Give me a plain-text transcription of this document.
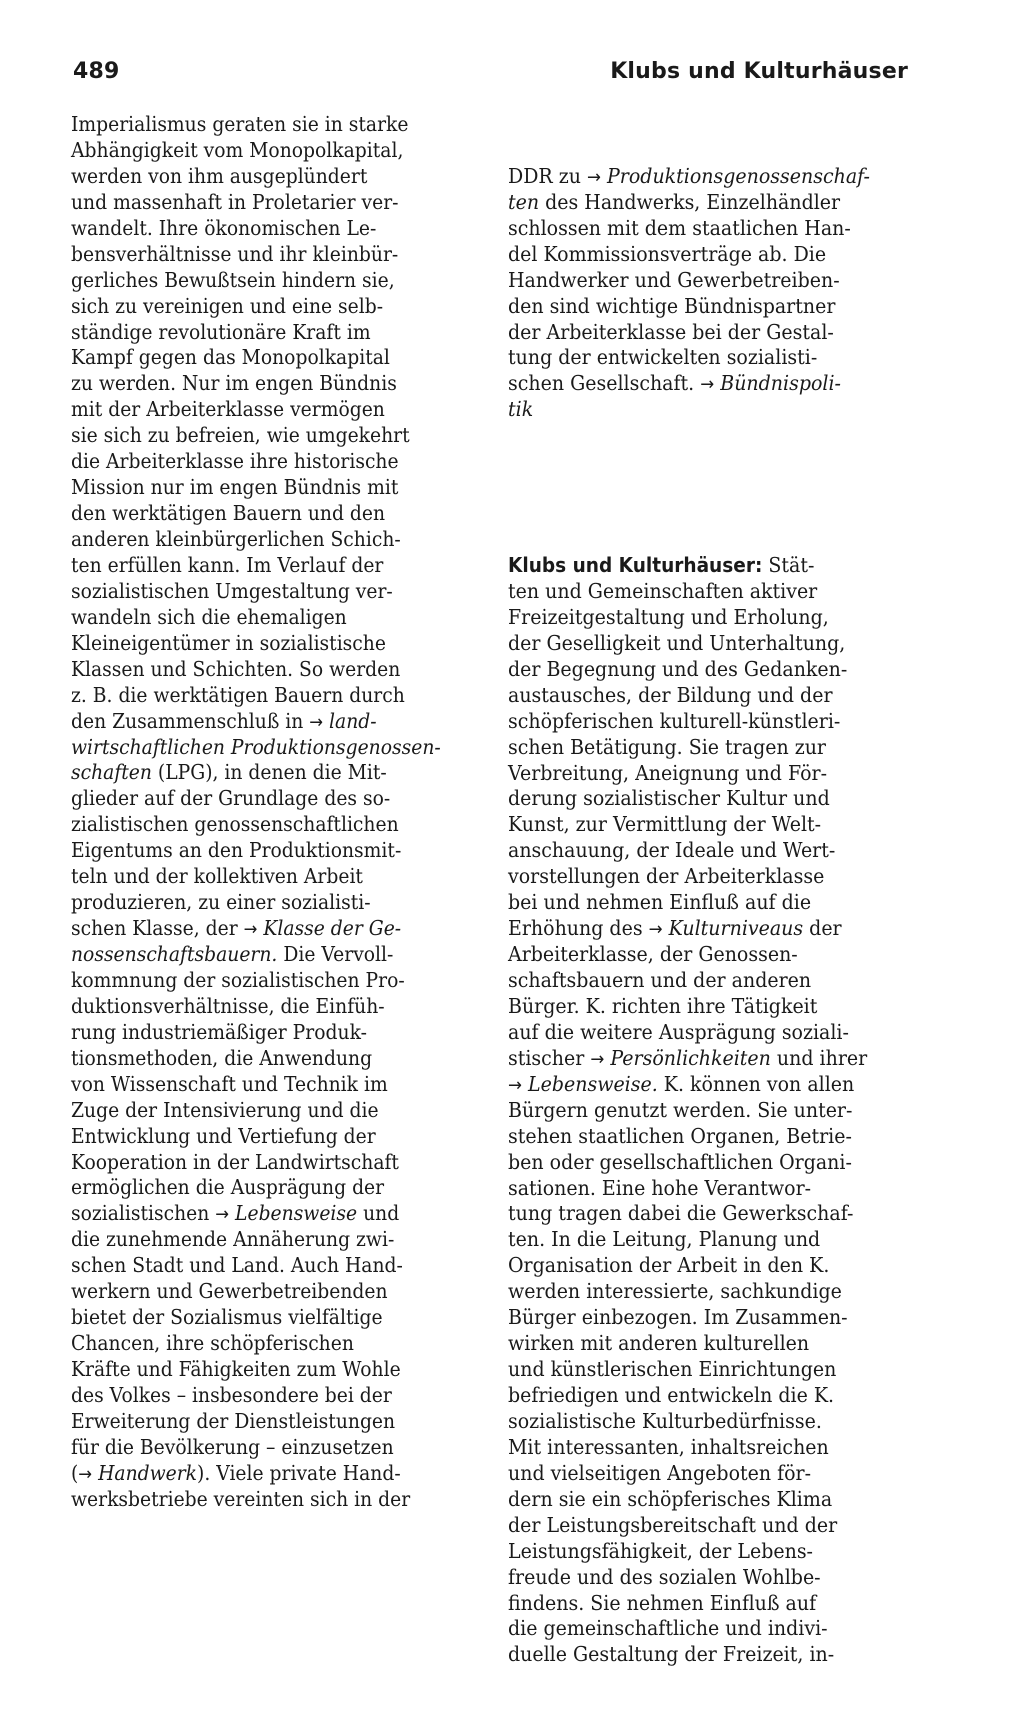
489	Klubs und Kulturhäuser
Imperialismus geraten sie in starke
Abhängigkeit vom Monopolkapital,
werden von ihm ausgeplündert
und massenhaft in Proletarier ver-
wandelt. Ihre ökonomischen Le-
bensverhältnisse und ihr kleinbür-
gerliches Bewußtsein hindern sie,
sich zu vereinigen und eine selb-
ständige revolutionäre Kraft im
Kampf gegen das Monopolkapital
zu werden. Nur im engen Bündnis
mit der Arbeiterklasse vermögen
sie sich zu befreien, wie umgekehrt
die Arbeiterklasse ihre historische
Mission nur im engen Bündnis mit
den werktätigen Bauern und den
anderen kleinbürgerlichen Schich-
ten erfüllen kann. Im Verlauf der
sozialistischen Umgestaltung ver-
wandeln sich die ehemaligen
Kleineigentümer in sozialistische
Klassen und Schichten. So werden
z. B. die werktätigen Bauern durch
den Zusammenschluß in → land-
wirtschaftlichen Produktionsgenossen-
schaften (LPG), in denen die Mit-
glieder auf der Grundlage des so-
zialistischen genossenschaftlichen
Eigentums an den Produktionsmit-
teln und der kollektiven Arbeit
produzieren, zu einer sozialisti-
schen Klasse, der → Klasse der Ge-
nossenschaftsbauern. Die Vervoll-
kommnung der sozialistischen Pro-
duktionsverhältnisse, die Einfüh-
rung industriemäßiger Produk-
tionsmethoden, die Anwendung
von Wissenschaft und Technik im
Zuge der Intensivierung und die
Entwicklung und Vertiefung der
Kooperation in der Landwirtschaft
ermöglichen die Ausprägung der
sozialistischen → Lebensweise und
die zunehmende Annäherung zwi-
schen Stadt und Land. Auch Hand-
werkern und Gewerbetreibenden
bietet der Sozialismus vielfältige
Chancen, ihre schöpferischen
Kräfte und Fähigkeiten zum Wohle
des Volkes – insbesondere bei der
Erweiterung der Dienstleistungen
für die Bevölkerung – einzusetzen
(→ Handwerk). Viele private Hand-
werksbetriebe vereinten sich in der

DDR zu → Produktionsgenossenschaf-
ten des Handwerks, Einzelhändler
schlossen mit dem staatlichen Han-
del Kommissionsverträge ab. Die
Handwerker und Gewerbetreiben-
den sind wichtige Bündnispartner
der Arbeiterklasse bei der Gestal-
tung der entwickelten sozialisti-
schen Gesellschaft. → Bündnispoli-
tik

Klubs und Kulturhäuser: Stät-
ten und Gemeinschaften aktiver
Freizeitgestaltung und Erholung,
der Geselligkeit und Unterhaltung,
der Begegnung und des Gedanken-
austausches, der Bildung und der
schöpferischen kulturell-künstleri-
schen Betätigung. Sie tragen zur
Verbreitung, Aneignung und För-
derung sozialistischer Kultur und
Kunst, zur Vermittlung der Welt-
anschauung, der Ideale und Wert-
vorstellungen der Arbeiterklasse
bei und nehmen Einfluß auf die
Erhöhung des → Kulturniveaus der
Arbeiterklasse, der Genossen-
schaftsbauern und der anderen
Bürger. K. richten ihre Tätigkeit
auf die weitere Ausprägung soziali-
stischer → Persönlichkeiten und ihrer
→ Lebensweise. K. können von allen
Bürgern genutzt werden. Sie unter-
stehen staatlichen Organen, Betrie-
ben oder gesellschaftlichen Organi-
sationen. Eine hohe Verantwor-
tung tragen dabei die Gewerkschaf-
ten. In die Leitung, Planung und
Organisation der Arbeit in den K.
werden interessierte, sachkundige
Bürger einbezogen. Im Zusammen-
wirken mit anderen kulturellen
und künstlerischen Einrichtungen
befriedigen und entwickeln die K.
sozialistische Kulturbedürfnisse.
Mit interessanten, inhaltsreichen
und vielseitigen Angeboten för-
dern sie ein schöpferisches Klima
der Leistungsbereitschaft und der
Leistungsfähigkeit, der Lebens-
freude und des sozialen Wohlbe-
findens. Sie nehmen Einfluß auf
die gemeinschaftliche und indivi-
duelle Gestaltung der Freizeit, in-
